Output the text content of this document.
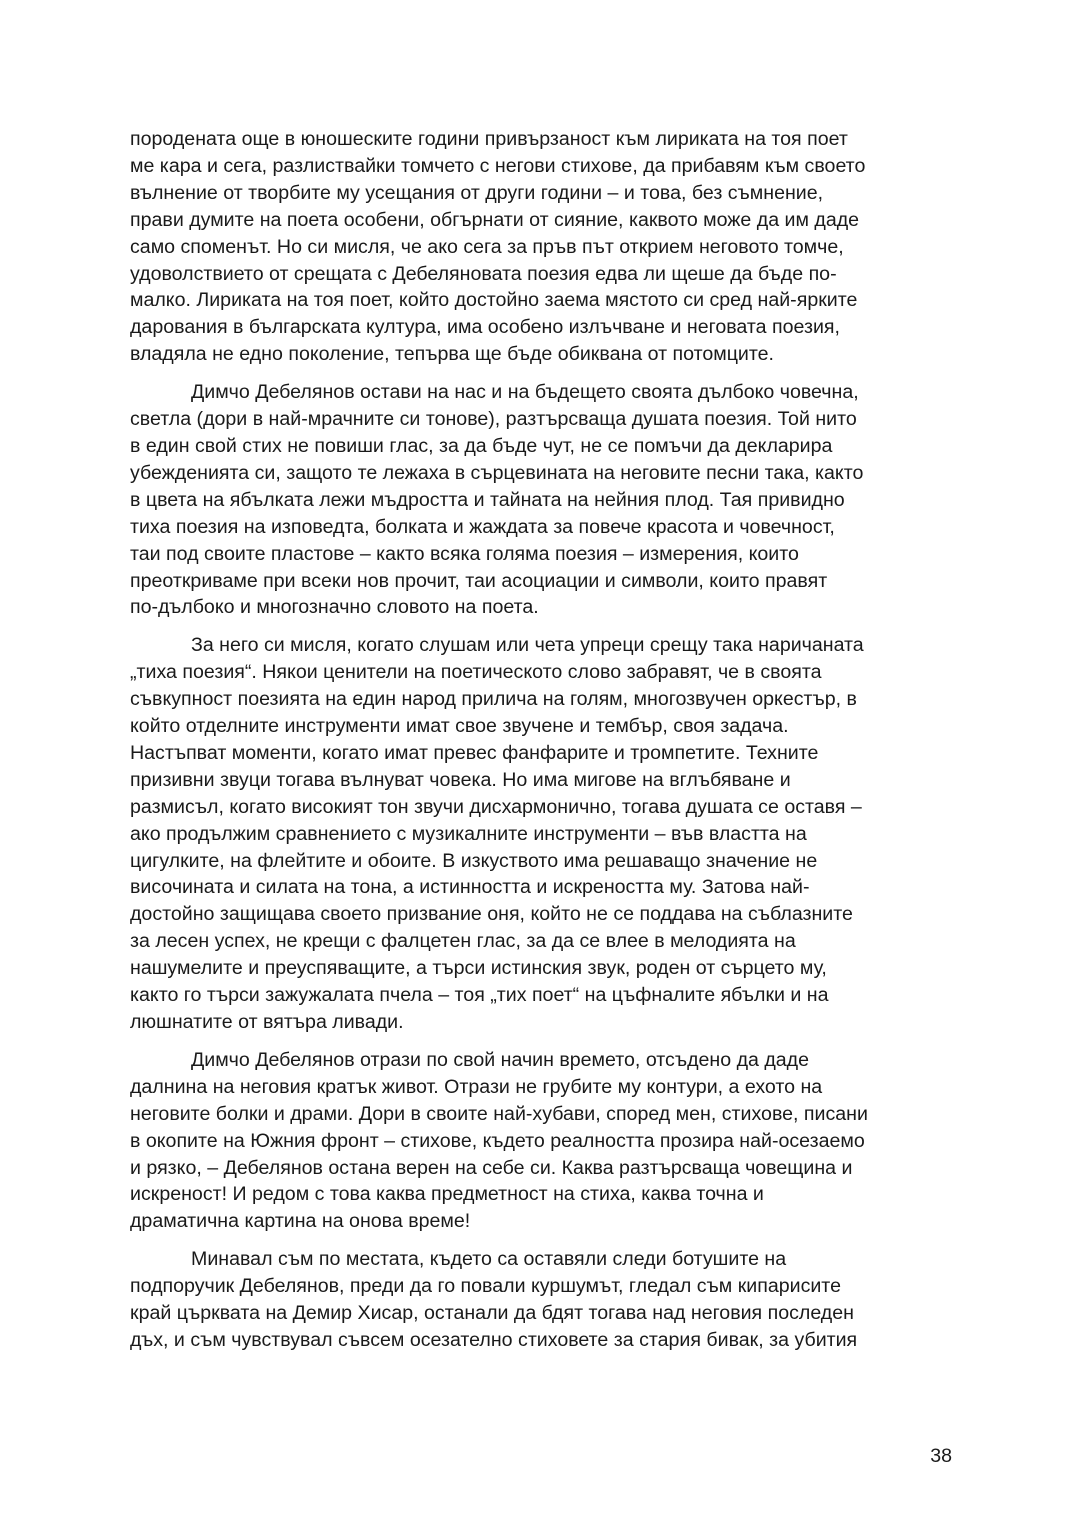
породената още в юношеските години привързаност към лириката на тоя поет
ме кара и сега, разлиствайки томчето с негови стихове, да прибавям към своето
вълнение от творбите му усещания от други години – и това, без съмнение,
прави думите на поета особени, обгърнати от сияние, каквото може да им даде
само споменът. Но си мисля, че ако сега за пръв път открием неговото томче,
удоволствието от срещата с Дебеляновата поезия едва ли щеше да бъде по-
малко. Лириката на тоя поет, който достойно заема мястото си сред най-ярките
дарования в българската култура, има особено излъчване и неговата поезия,
владяла не едно поколение, тепърва ще бъде обиквана от потомците.

Димчо Дебелянов остави на нас и на бъдещето своята дълбоко човечна,
светла (дори в най-мрачните си тонове), разтърсваща душата поезия. Той нито
в един свой стих не повиши глас, за да бъде чут, не се помъчи да декларира
убежденията си, защото те лежаха в сърцевината на неговите песни така, както
в цвета на ябълката лежи мъдростта и тайната на нейния плод. Тая привидно
тиха поезия на изповедта, болката и жаждата за повече красота и човечност,
таи под своите пластове – както всяка голяма поезия – измерения, които
преоткриваме при всеки нов прочит, таи асоциации и символи, които правят
по-дълбоко и многозначно словото на поета.

За него си мисля, когато слушам или чета упреци срещу така наричаната
„тиха поезия“. Някои ценители на поетическото слово забравят, че в своята
съвкупност поезията на един народ прилича на голям, многозвучен оркестър, в
който отделните инструменти имат свое звучене и тембър, своя задача.
Настъпват моменти, когато имат превес фанфарите и тромпетите. Техните
призивни звуци тогава вълнуват човека. Но има мигове на вглъбяване и
размисъл, когато високият тон звучи дисхармонично, тогава душата се оставя –
ако продължим сравнението с музикалните инструменти – във властта на
цигулките, на флейтите и обоите. В изкуството има решаващо значение не
височината и силата на тона, а истинността и искреността му. Затова най-
достойно защищава своето призвание оня, който не се поддава на съблазните
за лесен успех, не крещи с фалцетен глас, за да се влее в мелодията на
нашумелите и преуспяващите, а търси истинския звук, роден от сърцето му,
както го търси зажужалата пчела – тоя „тих поет“ на цъфналите ябълки и на
люшнатите от вятъра ливади.

Димчо Дебелянов отрази по свой начин времето, отсъдено да даде
далнина на неговия кратък живот. Отрази не грубите му контури, а ехото на
неговите болки и драми. Дори в своите най-хубави, според мен, стихове, писани
в окопите на Южния фронт – стихове, където реалността прозира най-осезаемо
и рязко, – Дебелянов остана верен на себе си. Каква разтърсваща човещина и
искреност! И редом с това каква предметност на стиха, каква точна и
драматична картина на онова време!

Минавал съм по местата, където са оставяли следи ботушите на
подпоручик Дебелянов, преди да го повали куршумът, гледал съм кипарисите
край църквата на Демир Хисар, останали да бдят тогава над неговия последен
дъх, и съм чувствувал съвсем осезателно стиховете за стария бивак, за убития

38
